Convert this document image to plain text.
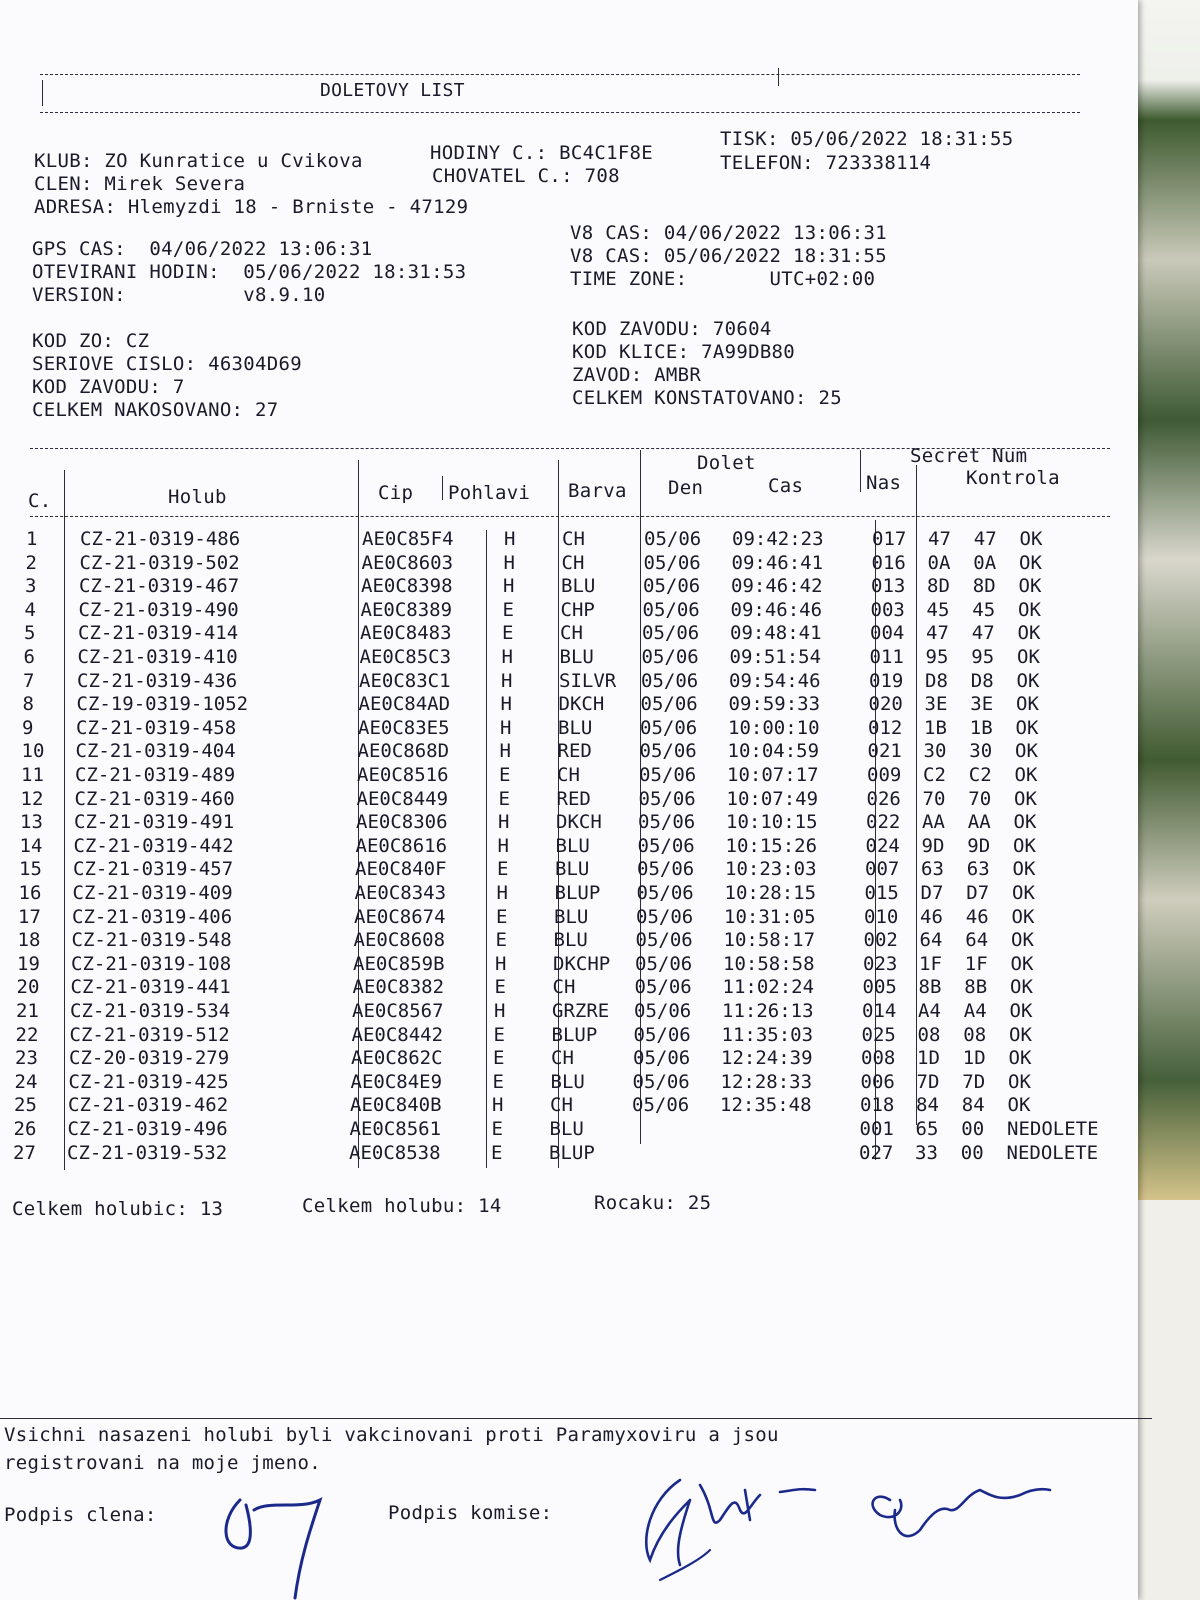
DOLETOVY LIST
KLUB: ZO Kunratice u Cvikova	HODINY C.: BC4C1F8E
TISK: 05/06/2022 18:31:55
CLEN: Mirek Severa	CHOVATEL C.: 708
TELEFON: 723338114
ADRESA: Hlemyzdi 18 - Brniste - 47129
GPS CAS:  04/06/2022 13:06:31
OTEVIRANI HODIN:  05/06/2022 18:31:53
VERSION:          v8.9.10
V8 CAS: 04/06/2022 13:06:31
V8 CAS: 05/06/2022 18:31:55
TIME ZONE:       UTC+02:00
KOD ZO: CZ
SERIOVE CISLO: 46304D69
KOD ZAVODU: 7
CELKEM NAKOSOVANO: 27
KOD ZAVODU: 70604
KOD KLICE: 7A99DB80
ZAVOD: AMBR
CELKEM KONSTATOVANO: 25
C.	Holub	Cip Pohlavi Barva
Dolet
Den	Cas	Nas
Secret Num
Kontrola
1 CZ-21-0319-486	AE0C85F4	H CH	05/06 09:42:23	017 47  47  OK
2 CZ-21-0319-502	AE0C8603	H CH	05/06 09:46:41	016 0A  0A  OK
3 CZ-21-0319-467	AE0C8398	H BLU	05/06 09:46:42	013 8D  8D  OK
4 CZ-21-0319-490	AE0C8389	E CHP	05/06 09:46:46	003 45  45  OK
5 CZ-21-0319-414	AE0C8483	E CH	05/06 09:48:41	004 47  47  OK
6 CZ-21-0319-410	AE0C85C3	H BLU	05/06 09:51:54	011 95  95  OK
7 CZ-21-0319-436	AE0C83C1	H SILVR 05/06 09:54:46	019 D8  D8  OK
8 CZ-19-0319-1052	AE0C84AD	H DKCH 05/06 09:59:33	020 3E  3E  OK
9 CZ-21-0319-458	AE0C83E5	H BLU	05/06 10:00:10	012 1B  1B  OK
10 CZ-21-0319-404	AE0C868D	H RED	05/06 10:04:59	021 30  30  OK
11 CZ-21-0319-489	AE0C8516	E CH	05/06 10:07:17	009 C2  C2  OK
12 CZ-21-0319-460	AE0C8449	E RED	05/06 10:07:49	026 70  70  OK
13 CZ-21-0319-491	AE0C8306	H DKCH 05/06 10:10:15	022 AA  AA  OK
14 CZ-21-0319-442	AE0C8616	H BLU	05/06 10:15:26	024 9D  9D  OK
15 CZ-21-0319-457	AE0C840F	E BLU	05/06 10:23:03	007 63  63  OK
16 CZ-21-0319-409	AE0C8343	H BLUP 05/06 10:28:15	015 D7  D7  OK
17 CZ-21-0319-406	AE0C8674	E BLU	05/06 10:31:05	010 46  46  OK
18 CZ-21-0319-548	AE0C8608	E BLU	05/06 10:58:17	002 64  64  OK
19 CZ-21-0319-108	AE0C859B	H DKCHP 05/06 10:58:58	023 1F  1F  OK
20 CZ-21-0319-441	AE0C8382	E CH	05/06 11:02:24	005 8B  8B  OK
21 CZ-21-0319-534	AE0C8567	H GRZRE 05/06 11:26:13	014 A4  A4  OK
22 CZ-21-0319-512	AE0C8442	E BLUP 05/06 11:35:03	025 08  08  OK
23 CZ-20-0319-279	AE0C862C	E CH	05/06 12:24:39	008 1D  1D  OK
24 CZ-21-0319-425	AE0C84E9	E BLU	05/06 12:28:33	006 7D  7D  OK
25 CZ-21-0319-462	AE0C840B	H CH	05/06 12:35:48	018 84  84  OK
26 CZ-21-0319-496	AE0C8561	E BLU	001 65  00  NEDOLETE
27 CZ-21-0319-532	AE0C8538	E BLUP	027 33  00  NEDOLETE
Celkem holubic: 13	Celkem holubu: 14	Rocaku: 25
Vsichni nasazeni holubi byli vakcinovani proti Paramyxoviru a jsou
registrovani na moje jmeno.
Podpis clena:	Podpis komise:
